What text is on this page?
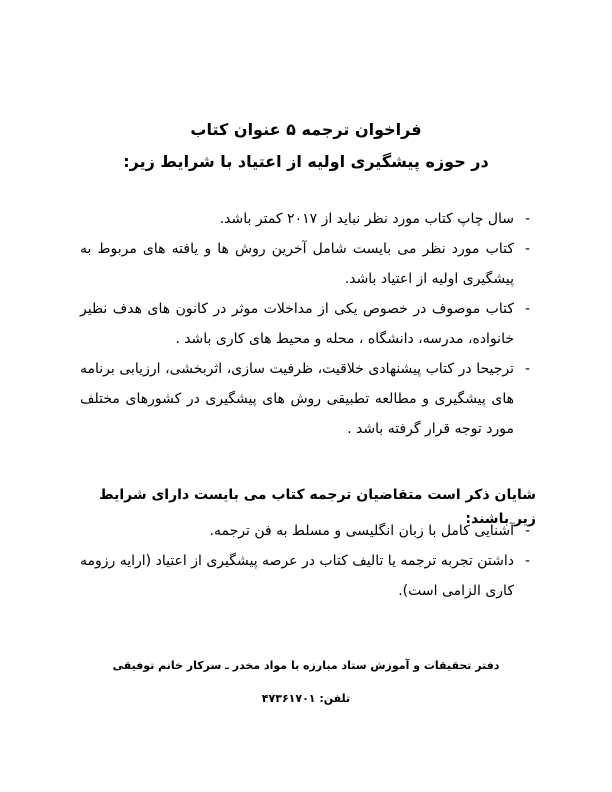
فراخوان ترجمه ۵ عنوان کتاب

در حوزه پیشگیری اولیه از اعتیاد با شرایط زیر:

-
سال چاپ کتاب مورد نظر نباید از ۲۰۱۷ کمتر باشد.
-
کتاب مورد نظر می بایست شامل آخرین روش ها و یافته های مربوط به پیشگیری اولیه از اعتیاد باشد.
-
کتاب موصوف در خصوص یکی از مداخلات موثر در کانون های هدف نظیر خانواده، مدرسه، دانشگاه ، محله و محیط های کاری باشد .
-
ترجیحا در کتاب پیشنهادی خلاقیت، ظرفیت سازی، اثربخشی، ارزیابی برنامه های پیشگیری و مطالعه تطبیقی روش های پیشگیری در کشورهای مختلف مورد توجه قرار گرفته باشد .

شایان ذکر است متقاضیان ترجمه کتاب می بایست دارای شرایط زیر باشند:

-
آشنایی کامل با زبان انگلیسی و مسلط به فن ترجمه.
-
داشتن تجربه ترجمه یا تالیف کتاب در عرصه پیشگیری از اعتیاد (ارایه رزومه کاری الزامی است).

دفتر تحقیقات و آموزش ستاد مبارزه با مواد مخدر ـ سرکار خانم توفیقی

تلفن: ۴۷۳۶۱۷۰۱
